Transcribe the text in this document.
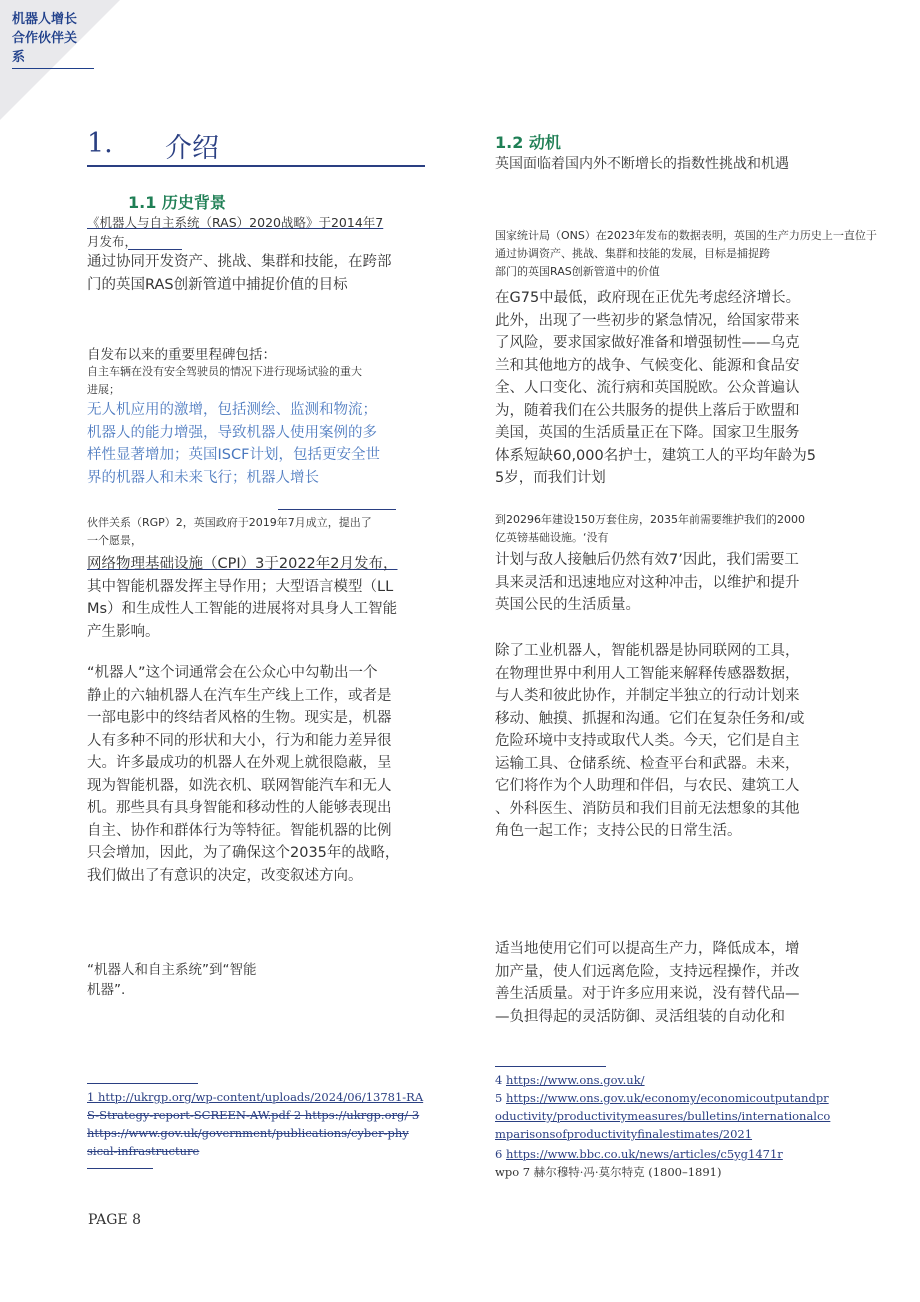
机器人增长
合作伙伴关
系
1. 介绍
1.1 历史背景
《机器人与自主系统（RAS）2020战略》于2014年7
月发布，
通过协同开发资产、挑战、集群和技能，在跨部
门的英国RAS创新管道中捕捉价值的目标
自发布以来的重要里程碑包括：
自主车辆在没有安全驾驶员的情况下进行现场试验的重大
进展；
无人机应用的激增，包括测绘、监测和物流；
机器人的能力增强，导致机器人使用案例的多
样性显著增加；英国ISCF计划，包括更安全世
界的机器人和未来飞行；机器人增长
伙伴关系（RGP）2，英国政府于2019年7月成立，提出了
一个愿景，
网络物理基础设施（CPI）3于2022年2月发布，
其中智能机器发挥主导作用；大型语言模型（LL
Ms）和生成性人工智能的进展将对具身人工智能
产生影响。
“机器人”这个词通常会在公众心中勾勒出一个
静止的六轴机器人在汽车生产线上工作，或者是
一部电影中的终结者风格的生物。现实是，机器
人有多种不同的形状和大小，行为和能力差异很
大。许多最成功的机器人在外观上就很隐蔽，呈
现为智能机器，如洗衣机、联网智能汽车和无人
机。那些具有具身智能和移动性的人能够表现出
自主、协作和群体行为等特征。智能机器的比例
只会增加，因此，为了确保这个2035年的战略，
我们做出了有意识的决定，改变叙述方向。
“机器人和自主系统”到“智能
机器”.
1 http://ukrgp.org/wp-content/uploads/2024/06/13781-RA
S-Strategy-report-SCREEN-AW.pdf 2 https://ukrgp.org/ 3
https://www.gov.uk/government/publications/cyber-phy
sical-infrastructure
1.2 动机
英国面临着国内外不断增长的指数性挑战和机遇
国家统计局（ONS）在2023年发布的数据表明，英国的生产力历史上一直位于
通过协调资产、挑战、集群和技能的发展，目标是捕捉跨
部门的英国RAS创新管道中的价值
在G75中最低，政府现在正优先考虑经济增长。
此外，出现了一些初步的紧急情况，给国家带来
了风险，要求国家做好准备和增强韧性——乌克
兰和其他地方的战争、气候变化、能源和食品安
全、人口变化、流行病和英国脱欧。公众普遍认
为，随着我们在公共服务的提供上落后于欧盟和
美国，英国的生活质量正在下降。国家卫生服务
体系短缺60,000名护士，建筑工人的平均年龄为5
5岁，而我们计划
到20296年建设150万套住房，2035年前需要维护我们的2000
亿英镑基础设施。‘没有
计划与敌人接触后仍然有效7’因此，我们需要工
具来灵活和迅速地应对这种冲击，以维护和提升
英国公民的生活质量。
除了工业机器人，智能机器是协同联网的工具，
在物理世界中利用人工智能来解释传感器数据，
与人类和彼此协作，并制定半独立的行动计划来
移动、触摸、抓握和沟通。它们在复杂任务和/或
危险环境中支持或取代人类。今天，它们是自主
运输工具、仓储系统、检查平台和武器。未来，
它们将作为个人助理和伴侣，与农民、建筑工人
、外科医生、消防员和我们目前无法想象的其他
角色一起工作；支持公民的日常生活。
适当地使用它们可以提高生产力，降低成本，增
加产量，使人们远离危险，支持远程操作，并改
善生活质量。对于许多应用来说，没有替代品—
—负担得起的灵活防御、灵活组装的自动化和
4 https://www.ons.gov.uk/
5 https://www.ons.gov.uk/economy/economicoutputandpr
oductivity/productivitymeasures/bulletins/internationalco
mparisonsofproductivityfinalestimates/2021
6 https://www.bbc.co.uk/news/articles/c5yg1471r
wpo 7 赫尔穆特·冯·莫尔特克 (1800–1891)
PAGE 8
